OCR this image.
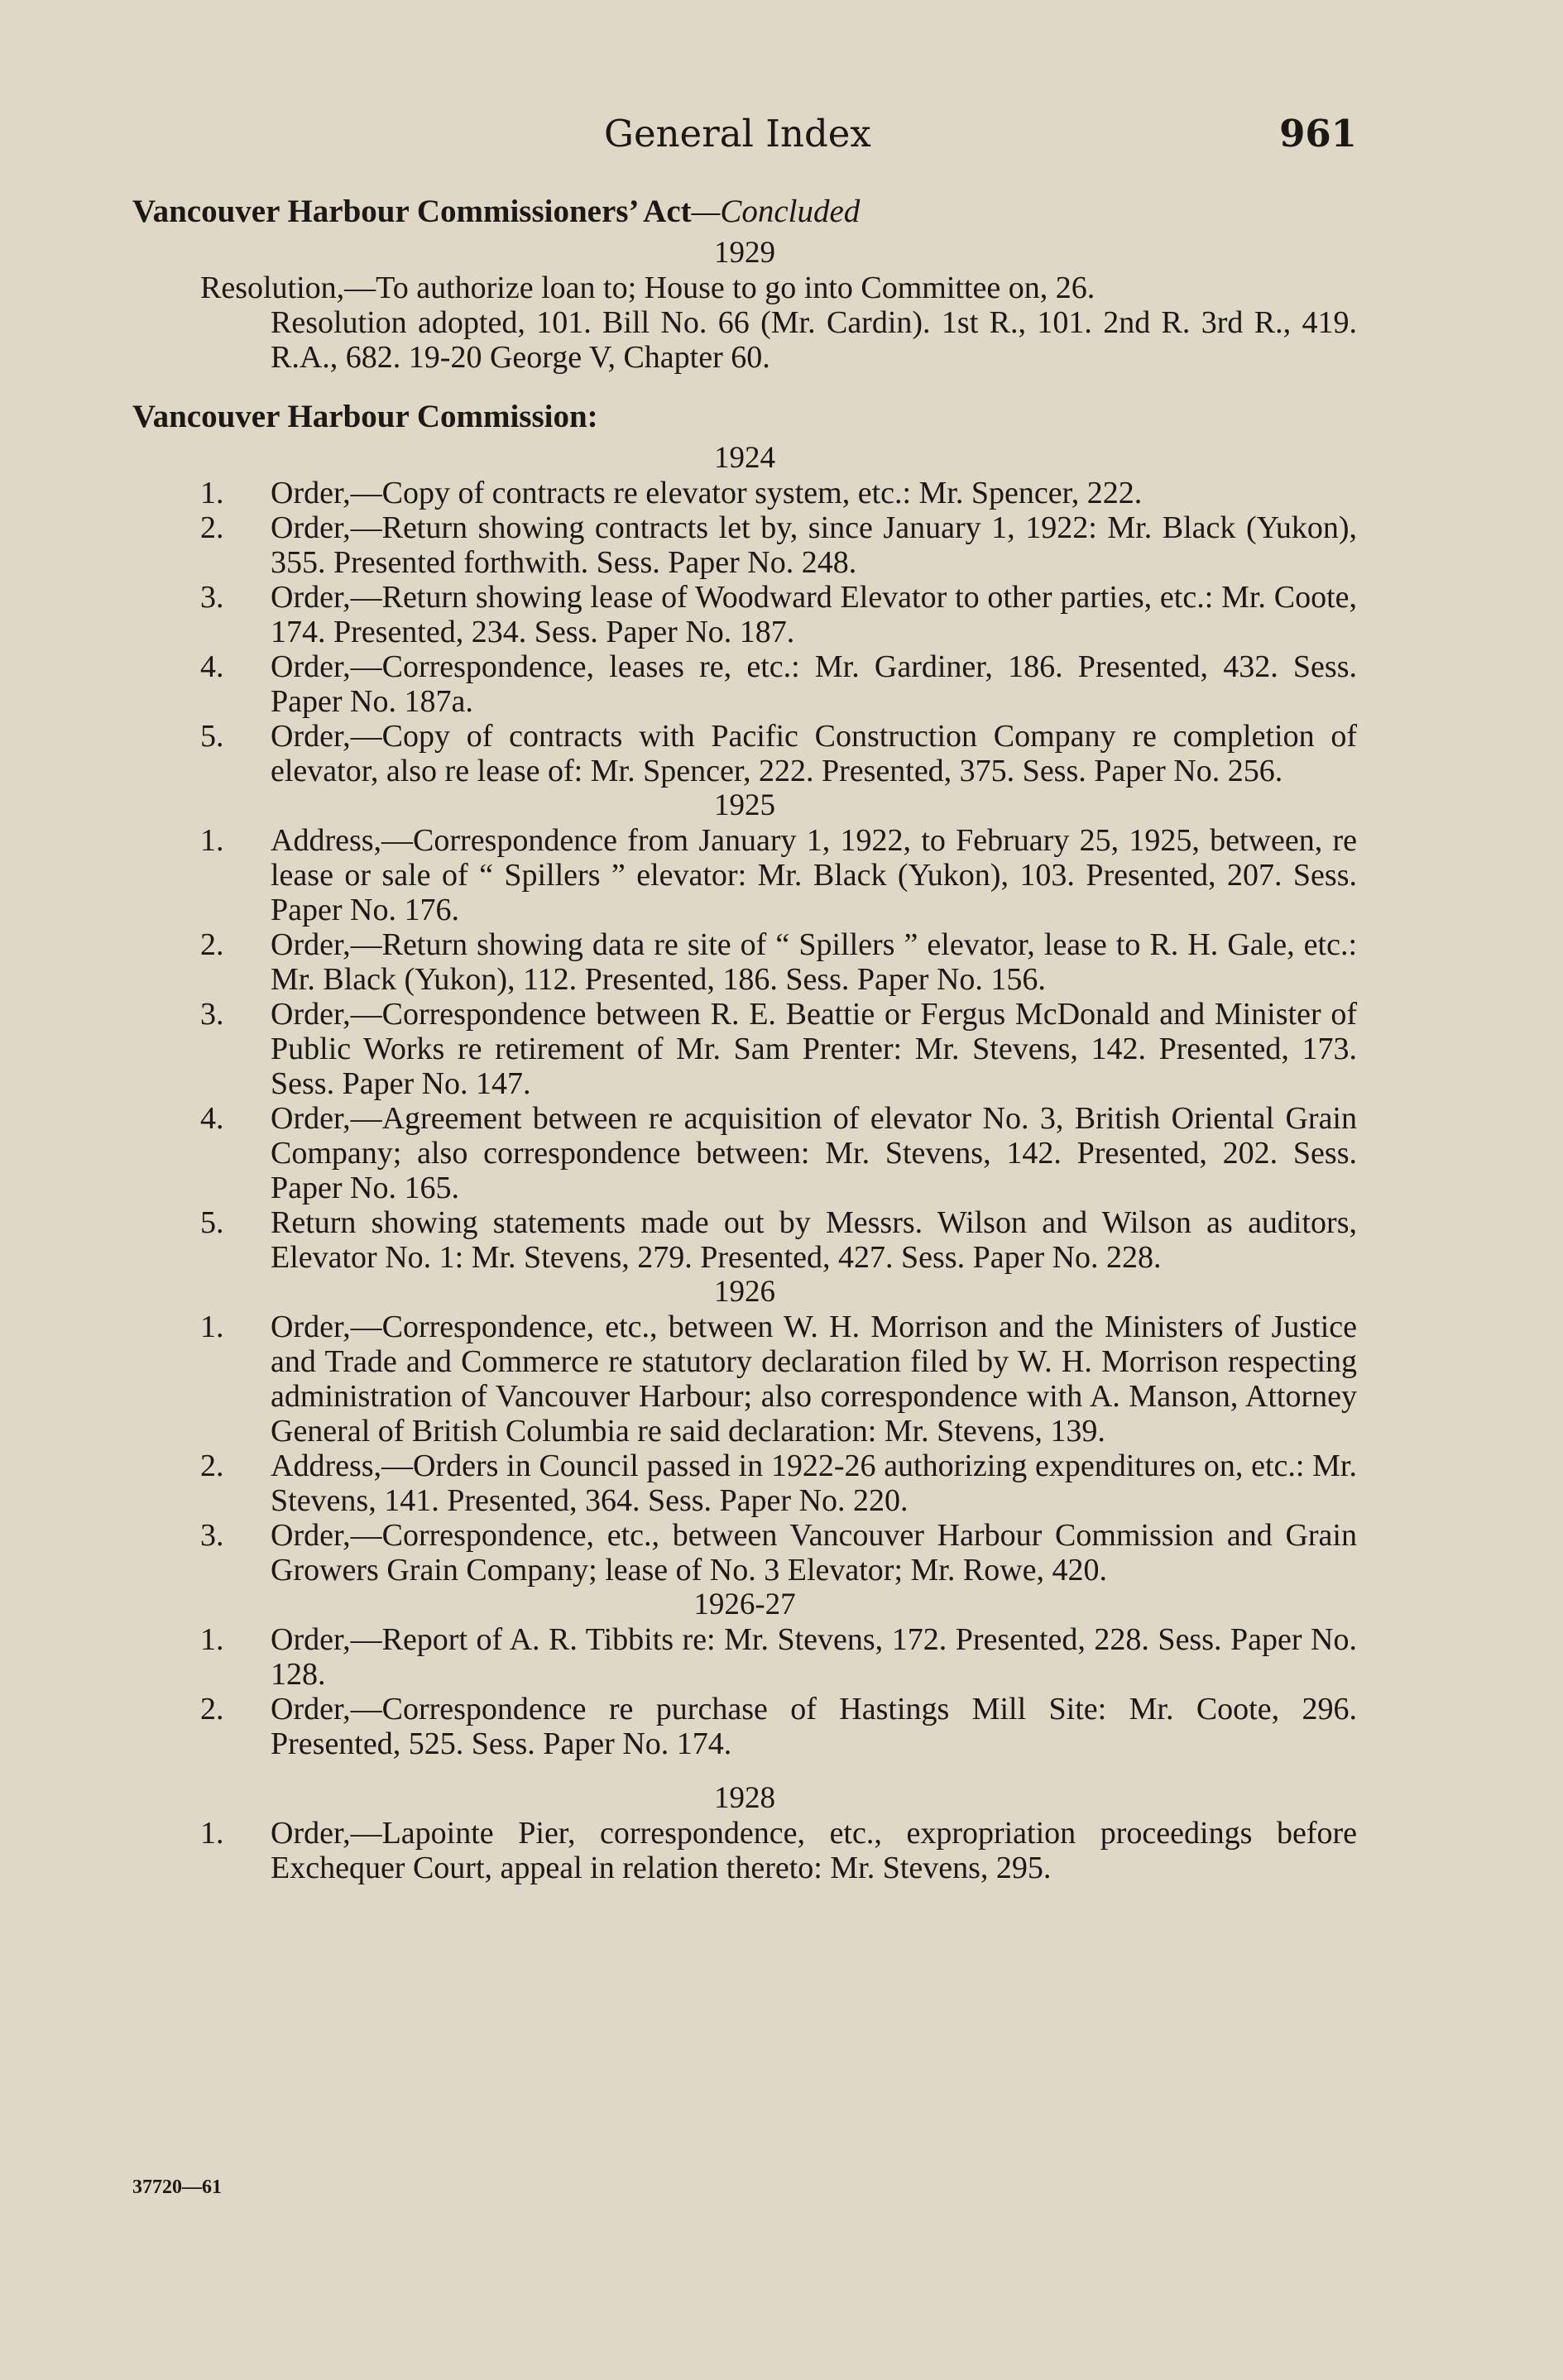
General Index	961

Vancouver Harbour Commissioners’ Act—Concluded

1929

Resolution,—To authorize loan to; House to go into Committee on, 26.
Resolution adopted, 101. Bill No. 66 (Mr. Cardin). 1st R., 101. 2nd R. 3rd R., 419. R.A., 682. 19-20 George V, Chapter 60.

Vancouver Harbour Commission:

1924

1. Order,—Copy of contracts re elevator system, etc.: Mr. Spencer, 222.

2. Order,—Return showing contracts let by, since January 1, 1922: Mr. Black (Yukon), 355. Presented forthwith. Sess. Paper No. 248.

3. Order,—Return showing lease of Woodward Elevator to other parties, etc.: Mr. Coote, 174. Presented, 234. Sess. Paper No. 187.

4. Order,—Correspondence, leases re, etc.: Mr. Gardiner, 186. Presented, 432. Sess. Paper No. 187a.

5. Order,—Copy of contracts with Pacific Construction Company re completion of elevator, also re lease of: Mr. Spencer, 222. Presented, 375. Sess. Paper No. 256.

1925

1. Address,—Correspondence from January 1, 1922, to February 25, 1925, between, re lease or sale of “ Spillers ” elevator: Mr. Black (Yukon), 103. Presented, 207. Sess. Paper No. 176.

2. Order,—Return showing data re site of “ Spillers ” elevator, lease to R. H. Gale, etc.: Mr. Black (Yukon), 112. Presented, 186. Sess. Paper No. 156.

3. Order,—Correspondence between R. E. Beattie or Fergus McDonald and Minister of Public Works re retirement of Mr. Sam Prenter: Mr. Stevens, 142. Presented, 173. Sess. Paper No. 147.

4. Order,—Agreement between re acquisition of elevator No. 3, British Oriental Grain Company; also correspondence between: Mr. Stevens, 142. Presented, 202. Sess. Paper No. 165.

5. Return showing statements made out by Messrs. Wilson and Wilson as auditors, Elevator No. 1: Mr. Stevens, 279. Presented, 427. Sess. Paper No. 228.

1926

1. Order,—Correspondence, etc., between W. H. Morrison and the Ministers of Justice and Trade and Commerce re statutory declaration filed by W. H. Morrison respecting administration of Vancouver Harbour; also correspondence with A. Manson, Attorney General of British Columbia re said declaration: Mr. Stevens, 139.

2. Address,—Orders in Council passed in 1922-26 authorizing expenditures on, etc.: Mr. Stevens, 141. Presented, 364. Sess. Paper No. 220.

3. Order,—Correspondence, etc., between Vancouver Harbour Commission and Grain Growers Grain Company; lease of No. 3 Elevator; Mr. Rowe, 420.

1926-27

1. Order,—Report of A. R. Tibbits re: Mr. Stevens, 172. Presented, 228. Sess. Paper No. 128.

2. Order,—Correspondence re purchase of Hastings Mill Site: Mr. Coote, 296. Presented, 525. Sess. Paper No. 174.

1928

1. Order,—Lapointe Pier, correspondence, etc., expropriation proceedings before Exchequer Court, appeal in relation thereto: Mr. Stevens, 295.

37720—61
